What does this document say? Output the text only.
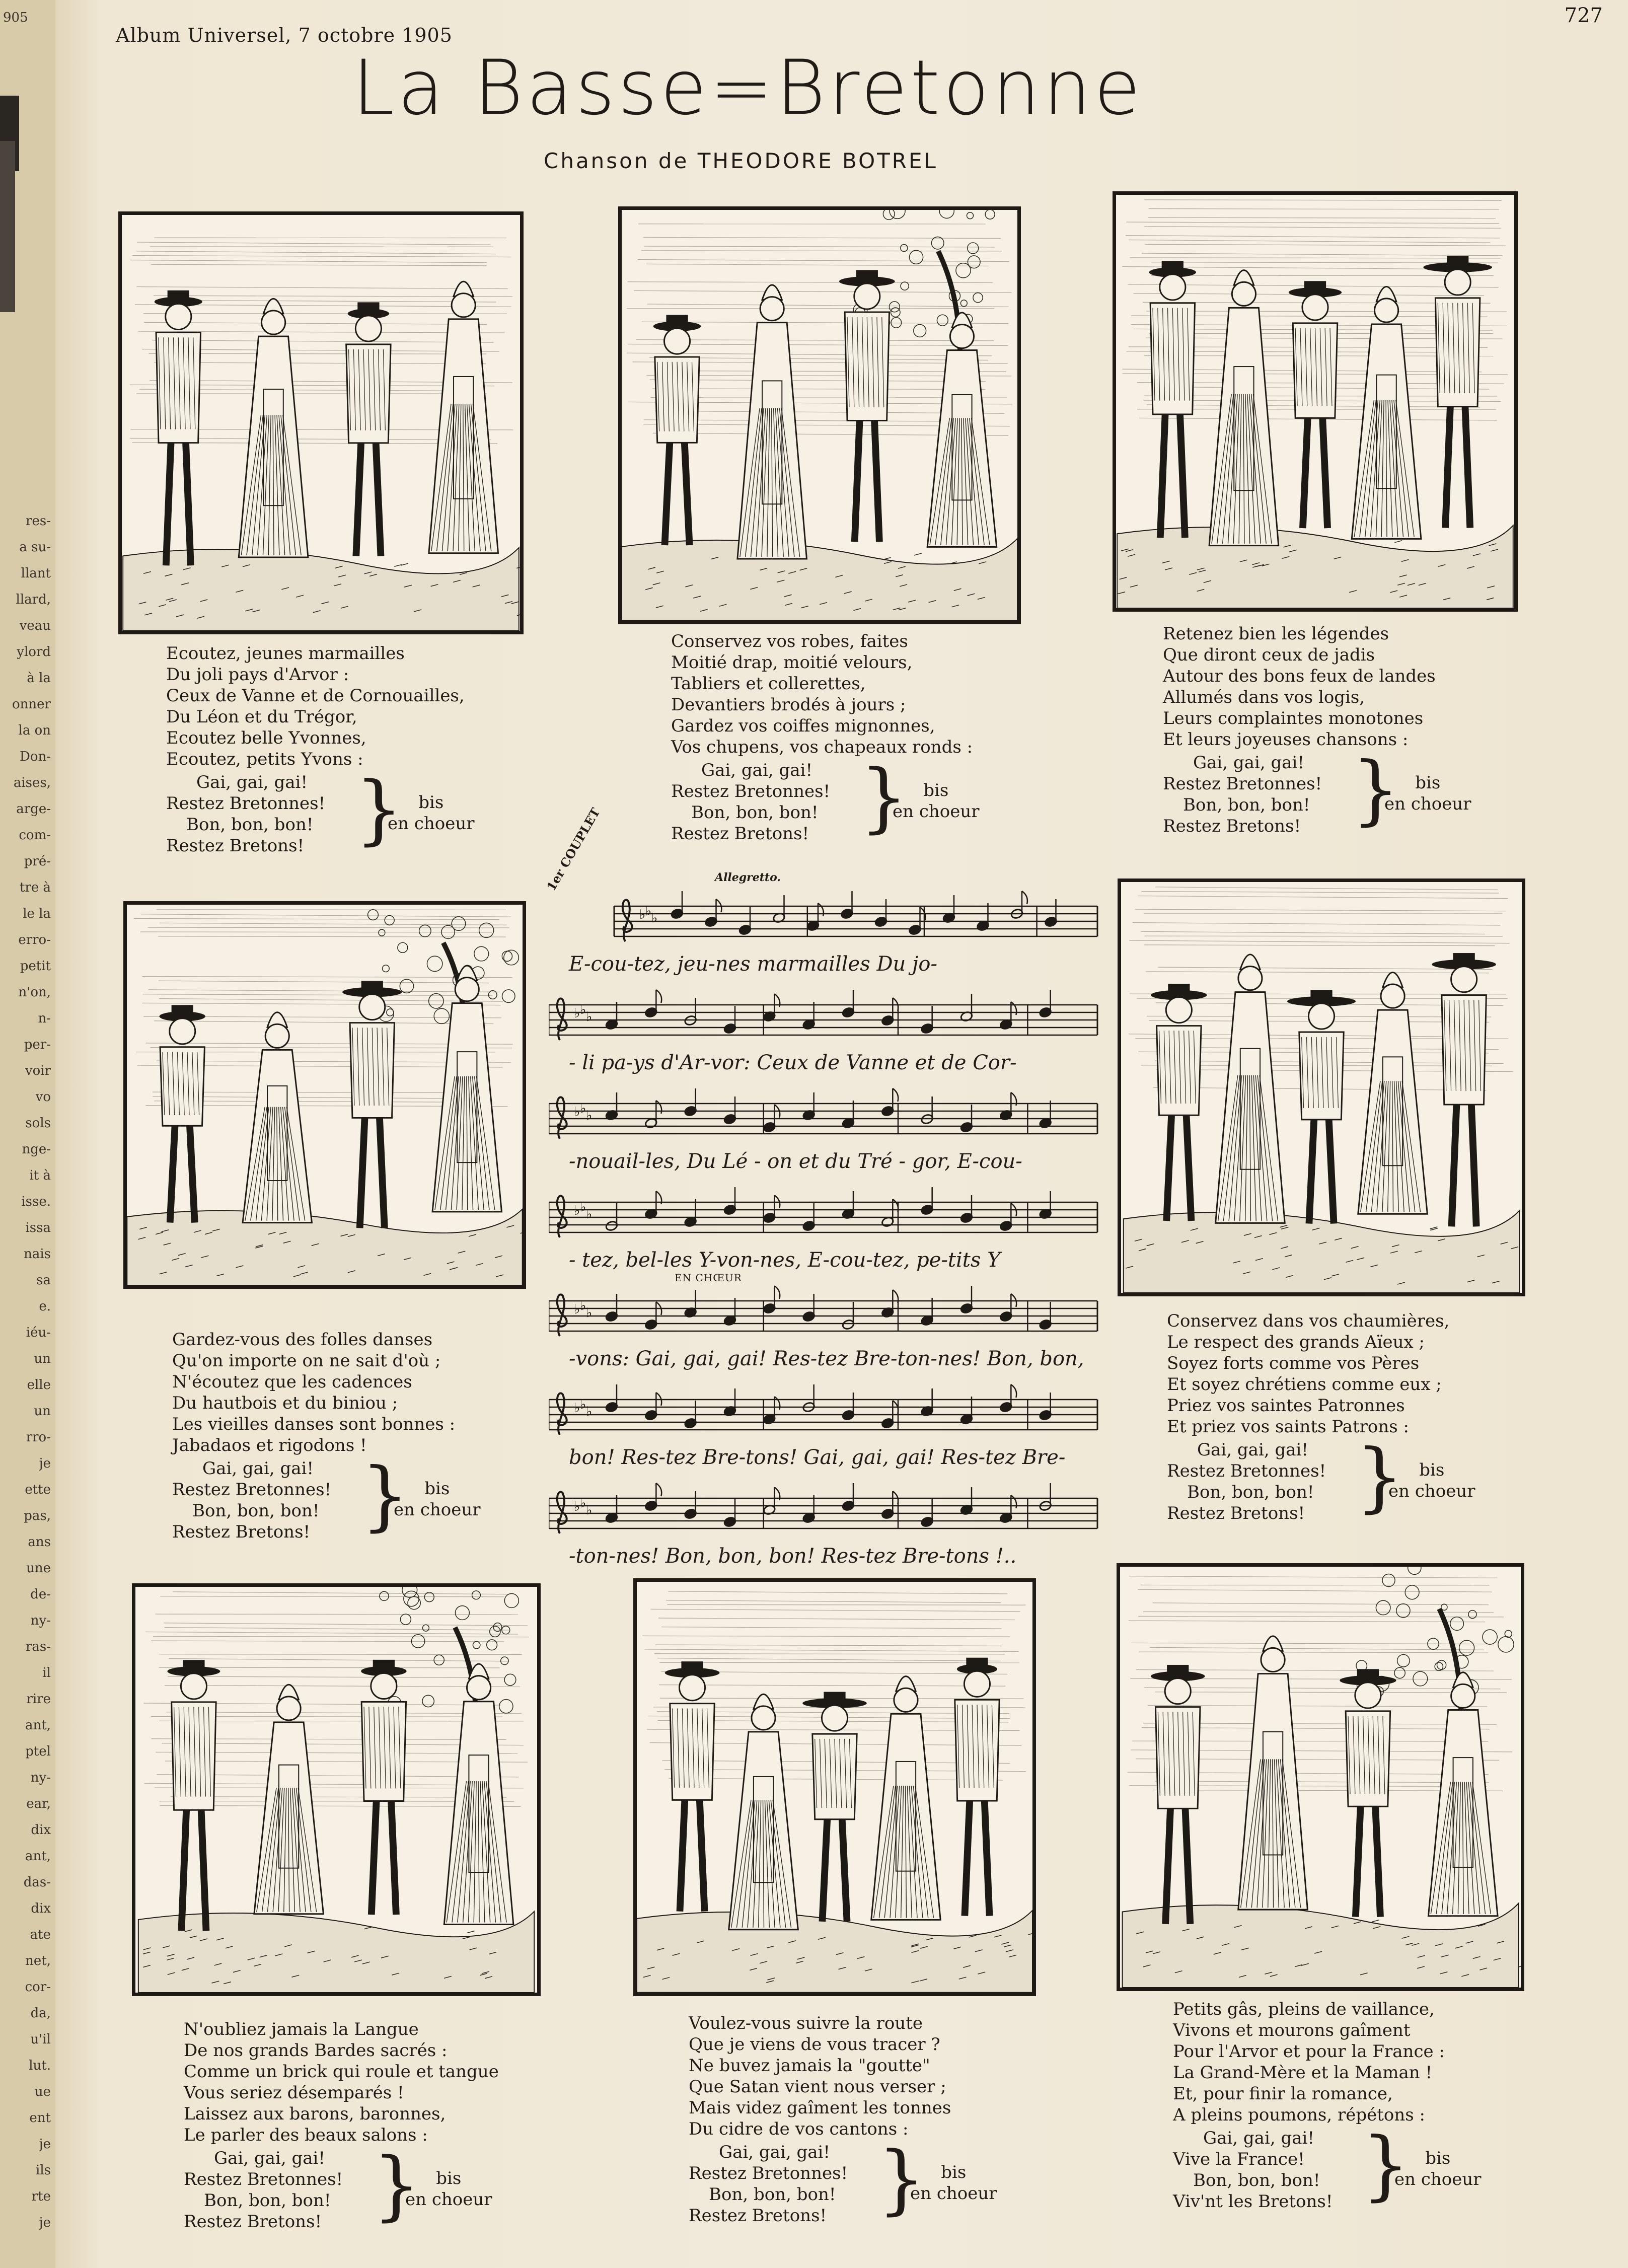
905
res-
a su-
llant
llard,
veau
ylord
à la
onner
la on
Don-
aises,
arge-
com-
pré-
tre à
le la
erro-
petit
n'on,
n-
per-
voir
vo
sols
nge-
it à
isse.
issa
nais
sa
e.
iéu-
un
elle
un
rro-
je
ette
pas,
ans
une
de-
ny-
ras-
il
rire
ant,
ptel
ny-
ear,
dix
ant,
das-
dix
ate
net,
cor-
da,
u'il
lut.
ue
ent
je
ils
rte
je
Album Universel, 7 octobre 1905
727
La Basse=Bretonne
Chanson de THEODORE BOTREL
Ecoutez, jeunes marmailles
Du joli pays d'Arvor :
Ceux de Vanne et de Cornouailles,
Du Léon et du Trégor,
Ecoutez belle Yvonnes,
Ecoutez, petits Yvons :
Gai, gai, gai!
Restez Bretonnes!
Bon, bon, bon!
Restez Bretons! } bis
en choeur
Conservez vos robes, faites
Moitié drap, moitié velours,
Tabliers et collerettes,
Devantiers brodés à jours ;
Gardez vos coiffes mignonnes,
Vos chupens, vos chapeaux ronds :
Gai, gai, gai!
Restez Bretonnes!
Bon, bon, bon!
Restez Bretons! } bis
en choeur
Retenez bien les légendes
Que diront ceux de jadis
Autour des bons feux de landes
Allumés dans vos logis,
Leurs complaintes monotones
Et leurs joyeuses chansons :
Gai, gai, gai!
Restez Bretonnes!
Bon, bon, bon!
Restez Bretons! } bis
en choeur
Gardez-vous des folles danses
Qu'on importe on ne sait d'où ;
N'écoutez que les cadences
Du hautbois et du biniou ;
Les vieilles danses sont bonnes :
Jabadaos et rigodons !
Gai, gai, gai!
Restez Bretonnes!
Bon, bon, bon!
Restez Bretons! } bis
en choeur
Conservez dans vos chaumières,
Le respect des grands Aïeux ;
Soyez forts comme vos Pères
Et soyez chrétiens comme eux ;
Priez vos saintes Patronnes
Et priez vos saints Patrons :
Gai, gai, gai!
Restez Bretonnes!
Bon, bon, bon!
Restez Bretons! } bis
en choeur
N'oubliez jamais la Langue
De nos grands Bardes sacrés :
Comme un brick qui roule et tangue
Vous seriez désemparés !
Laissez aux barons, baronnes,
Le parler des beaux salons :
Gai, gai, gai!
Restez Bretonnes!
Bon, bon, bon!
Restez Bretons! } bis
en choeur
Voulez-vous suivre la route
Que je viens de vous tracer ?
Ne buvez jamais la "goutte"
Que Satan vient nous verser ;
Mais videz gaîment les tonnes
Du cidre de vos cantons :
Gai, gai, gai!
Restez Bretonnes!
Bon, bon, bon!
Restez Bretons! } bis
en choeur
Petits gâs, pleins de vaillance,
Vivons et mourons gaîment
Pour l'Arvor et pour la France :
La Grand-Mère et la Maman !
Et, pour finir la romance,
A pleins poumons, répétons :
Gai, gai, gai!
Vive la France!
Bon, bon, bon!
Viv'nt les Bretons! } bis
en choeur
1er COUPLET	Allegretto.
♭ ♭ ♭
E-cou-tez, jeu-nes marmailles Du jo-
♭ ♭ ♭
- li pa-ys d'Ar-vor: Ceux de Vanne et de Cor-
♭ ♭ ♭
-nouail-les, Du Lé - on et du Tré - gor, E-cou-
♭ ♭ ♭
- tez, bel-les Y-von-nes, E-cou-tez, pe-tits Y
♭ ♭ ♭
-vons: Gai, gai, gai! Res-tez Bre-ton-nes! Bon, bon,
♭ ♭ ♭
bon! Res-tez Bre-tons! Gai, gai, gai! Res-tez Bre-
♭ ♭ ♭
-ton-nes! Bon, bon, bon! Res-tez Bre-tons !..
EN CHŒUR
